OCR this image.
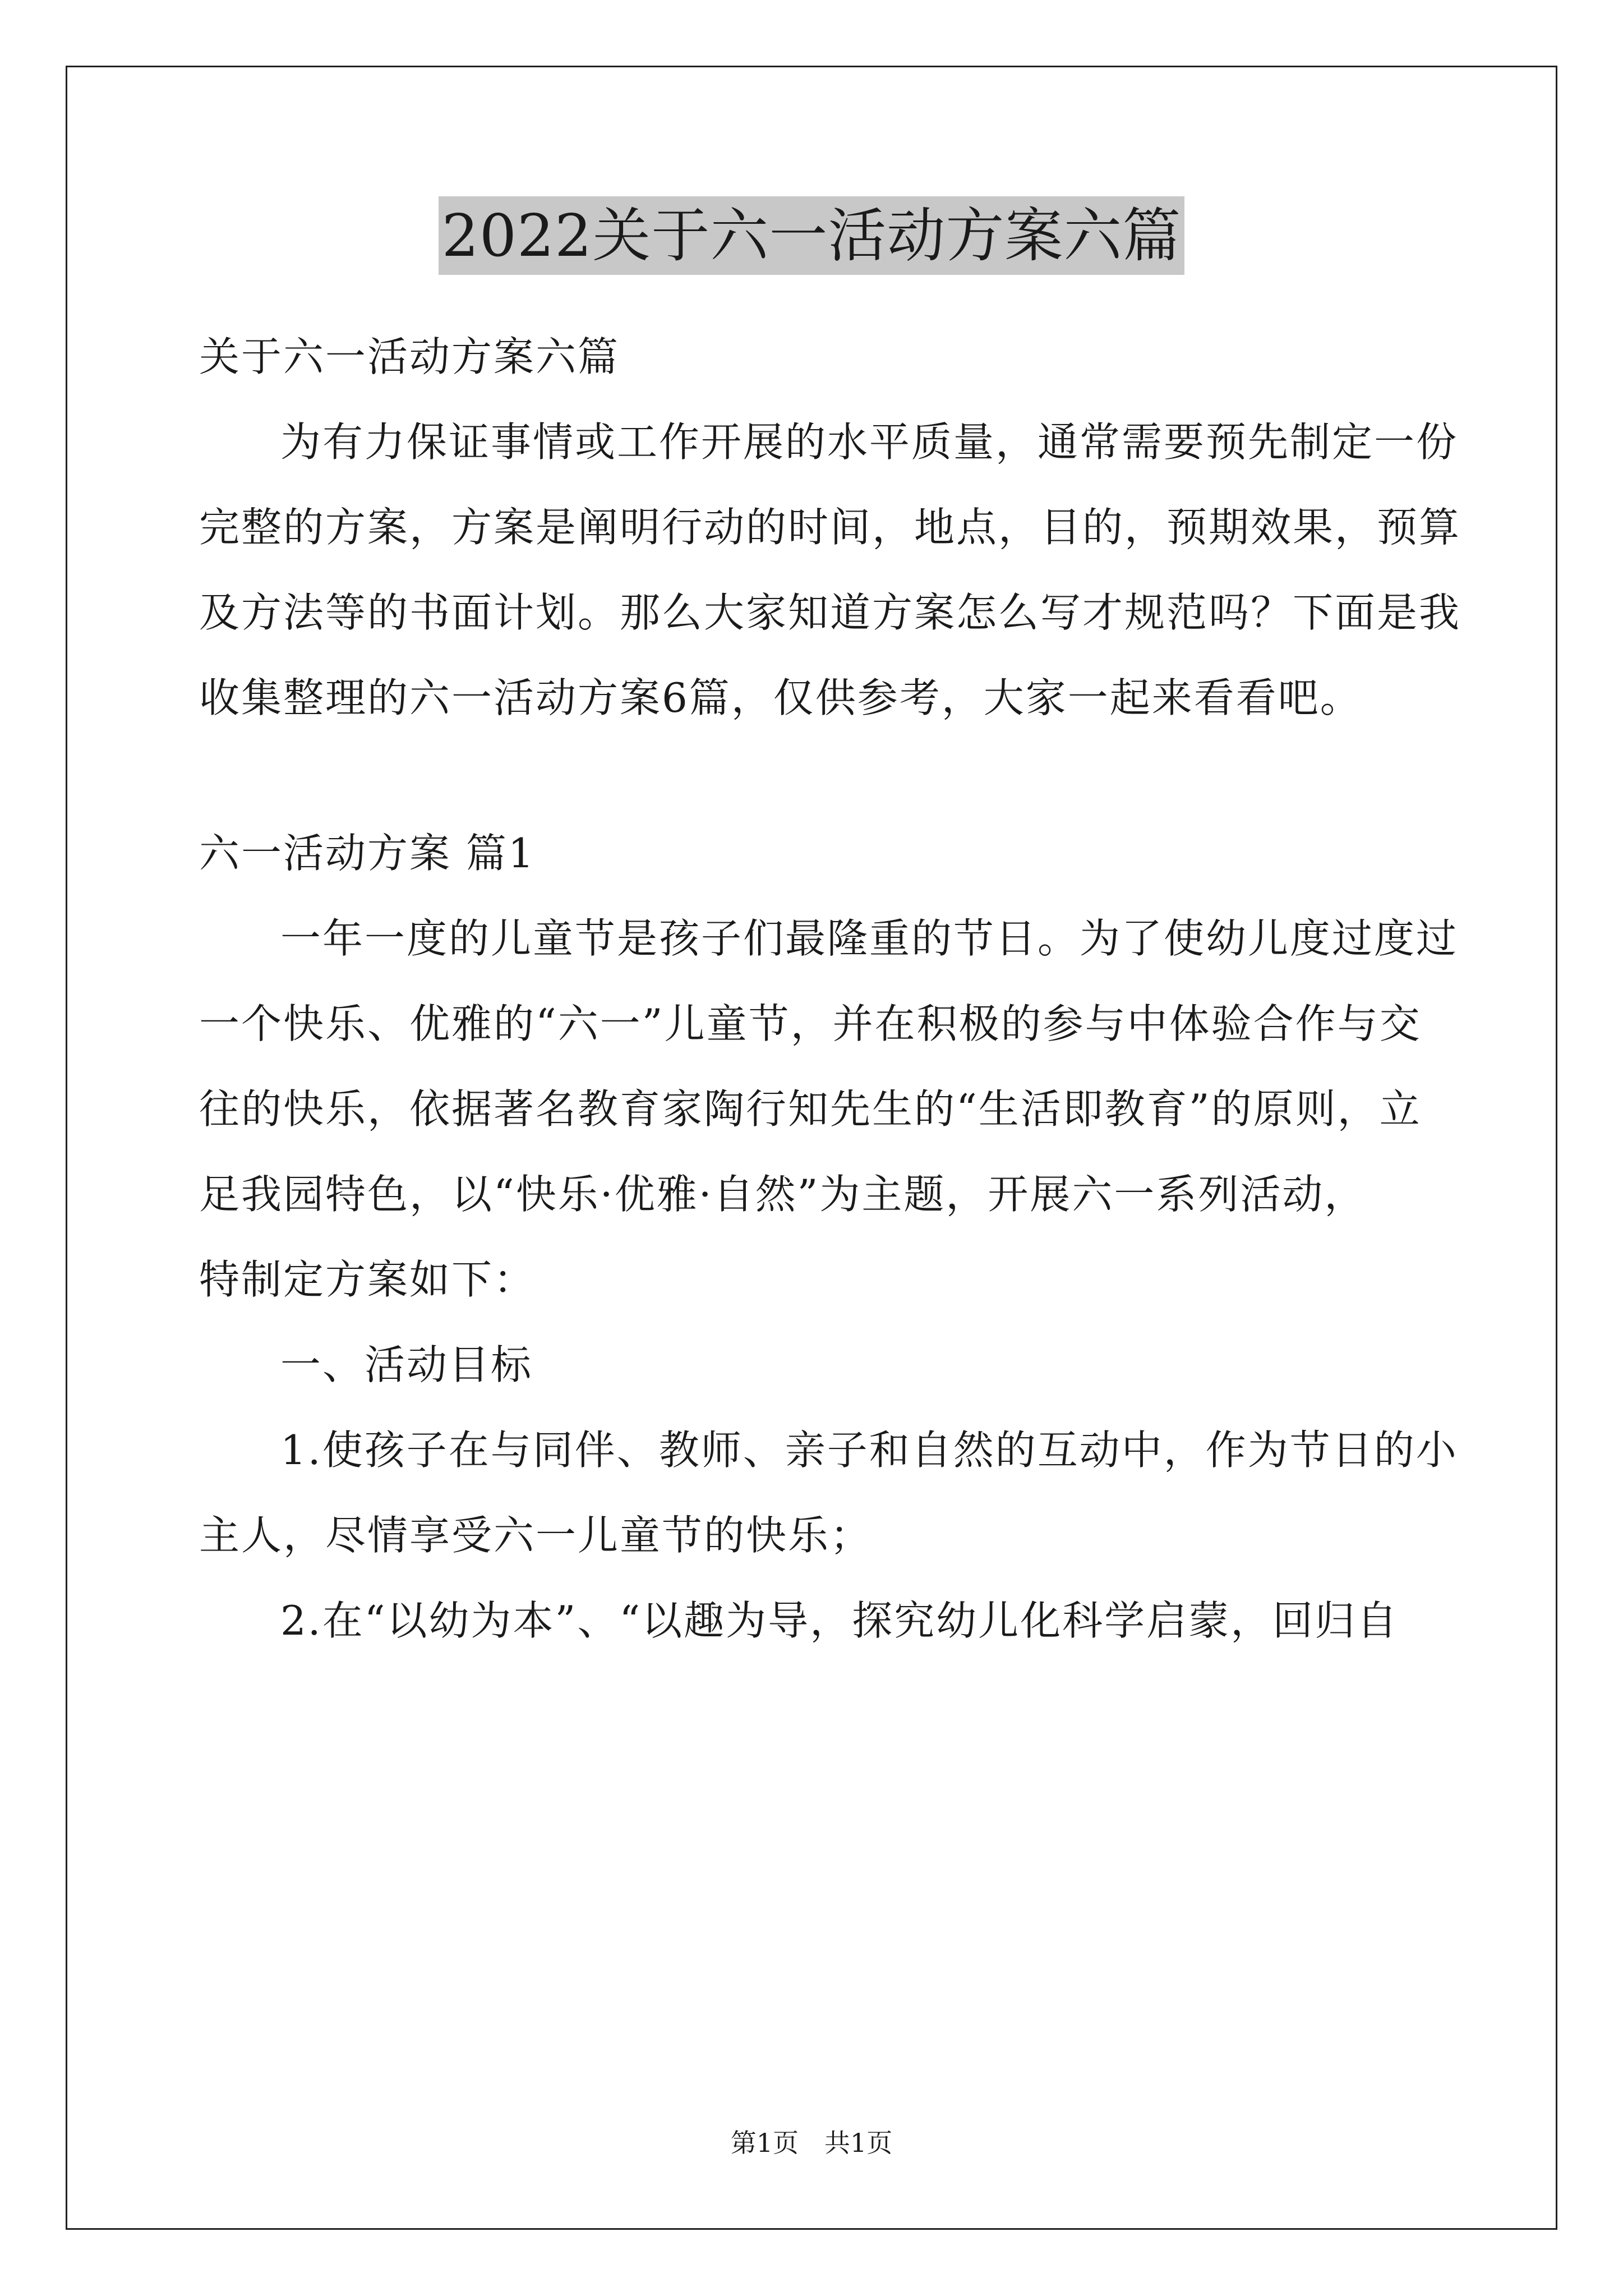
2022关于六一活动方案六篇
关于六一活动方案六篇
为有力保证事情或工作开展的水平质量，通常需要预先制定一份
完整的方案，方案是阐明行动的时间，地点，目的，预期效果，预算
及方法等的书面计划。那么大家知道方案怎么写才规范吗？下面是我
收集整理的六一活动方案6篇，仅供参考，大家一起来看看吧。
六一活动方案 篇1
一年一度的儿童节是孩子们最隆重的节日。为了使幼儿度过度过
一个快乐、优雅的“六一”儿童节，并在积极的参与中体验合作与交
往的快乐，依据著名教育家陶行知先生的“生活即教育”的原则，立
足我园特色，以“快乐·优雅·自然”为主题，开展六一系列活动，
特制定方案如下：
一、活动目标
1.使孩子在与同伴、教师、亲子和自然的互动中，作为节日的小
主人，尽情享受六一儿童节的快乐；
2.在“以幼为本”、“以趣为导，探究幼儿化科学启蒙，回归自
第1页　共1页
